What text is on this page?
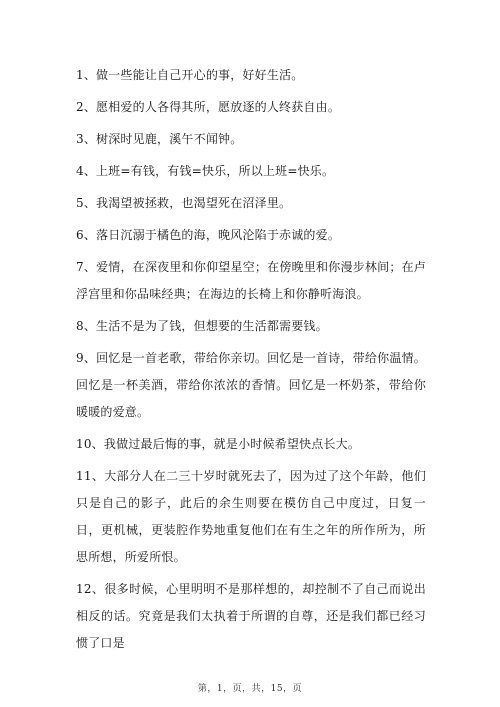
1、做一些能让自己开心的事，好好生活。

2、愿相爱的人各得其所，愿放逐的人终获自由。

3、树深时见鹿，溪午不闻钟。

4、上班=有钱，有钱=快乐，所以上班=快乐。

5、我渴望被拯救，也渴望死在沼泽里。

6、落日沉溺于橘色的海，晚风沦陷于赤诚的爱。

7、爱情，在深夜里和你仰望星空；在傍晚里和你漫步林间；在卢浮宫里和你品味经典；在海边的长椅上和你静听海浪。

8、生活不是为了钱，但想要的生活都需要钱。

9、回忆是一首老歌，带给你亲切。回忆是一首诗，带给你温情。回忆是一杯美酒，带给你浓浓的香情。回忆是一杯奶茶，带给你暖暖的爱意。

10、我做过最后悔的事，就是小时候希望快点长大。

11、大部分人在二三十岁时就死去了，因为过了这个年龄，他们只是自己的影子，此后的余生则要在模仿自己中度过，日复一日，更机械，更装腔作势地重复他们在有生之年的所作所为，所思所想，所爱所恨。

12、很多时候，心里明明不是那样想的，却控制不了自己而说出相反的话。究竟是我们太执着于所谓的自尊，还是我们都已经习惯了口是

第，1，页，共，15，页
